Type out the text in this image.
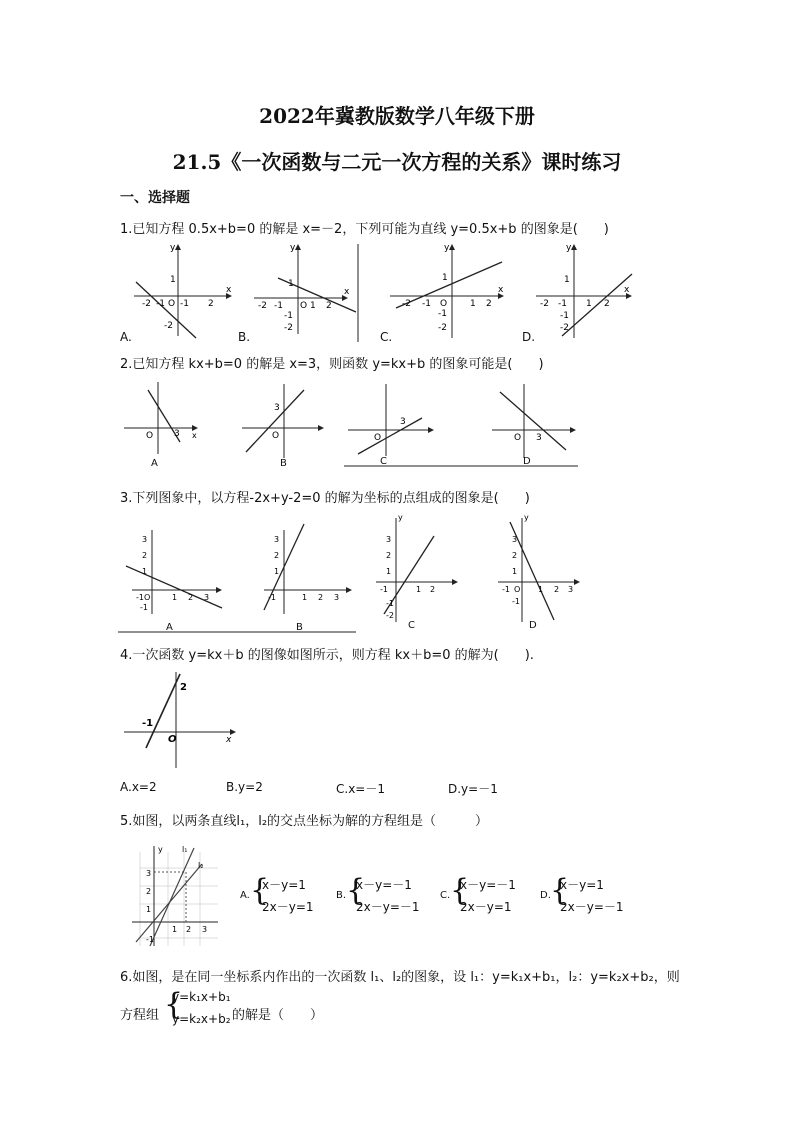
2022年冀教版数学八年级下册
21.5《一次函数与二元一次方程的关系》课时练习
一、选择题
1.已知方程 0.5x+b=0 的解是 x=－2，下列可能为直线 y=0.5x+b 的图象是(　　)
y
x
O
1
-2 -1 -1
-2
2
y
x
O
1
-2 -1	1 2
-1
-2
y
x
O
1
-2 -1	1 2
-1
-2
y
x
1
-2 -1 1 2
-1
-2
A.	B.	C.	D.
2.已知方程 kx+b=0 的解是 x=3，则函数 y=kx+b 的图象可能是(　　)
O 3 x	O
3
O
3
O 3
A	B	C	D
3.下列图象中，以方程-2x+y-2=0 的解为坐标的点组成的图象是(　　)
3
2
1
-1 O
-1
1 2 3
3
2
1
-1	1 2 3
y
3
2
1
-1
-1
-2
1 2
y
3
2
1
-1 O
-1
1 2 3
A	B	C	D
4.一次函数 y=kx＋b 的图像如图所示，则方程 kx＋b=0 的解为(　　).
2
-1
O	x
A.x=2	B.y=2	C.x=－1	D.y=－1
5.如图，以两条直线l₁，l₂的交点坐标为解的方程组是（　　　）
y l₁
l₂
3
2
1
1 2 3
-1
A. {
x－y=1
2x－y=1
B. {
x－y=－1
2x－y=－1
C. {
x－y=－1
2x－y=1
D. {
x－y=1
2x－y=－1
6.如图，是在同一坐标系内作出的一次函数 l₁、l₂的图象，设 l₁：y=k₁x+b₁，l₂：y=k₂x+b₂，则
方程组 {
y=k₁x+b₁
y=k₂x+b₂ 的解是（　　）
